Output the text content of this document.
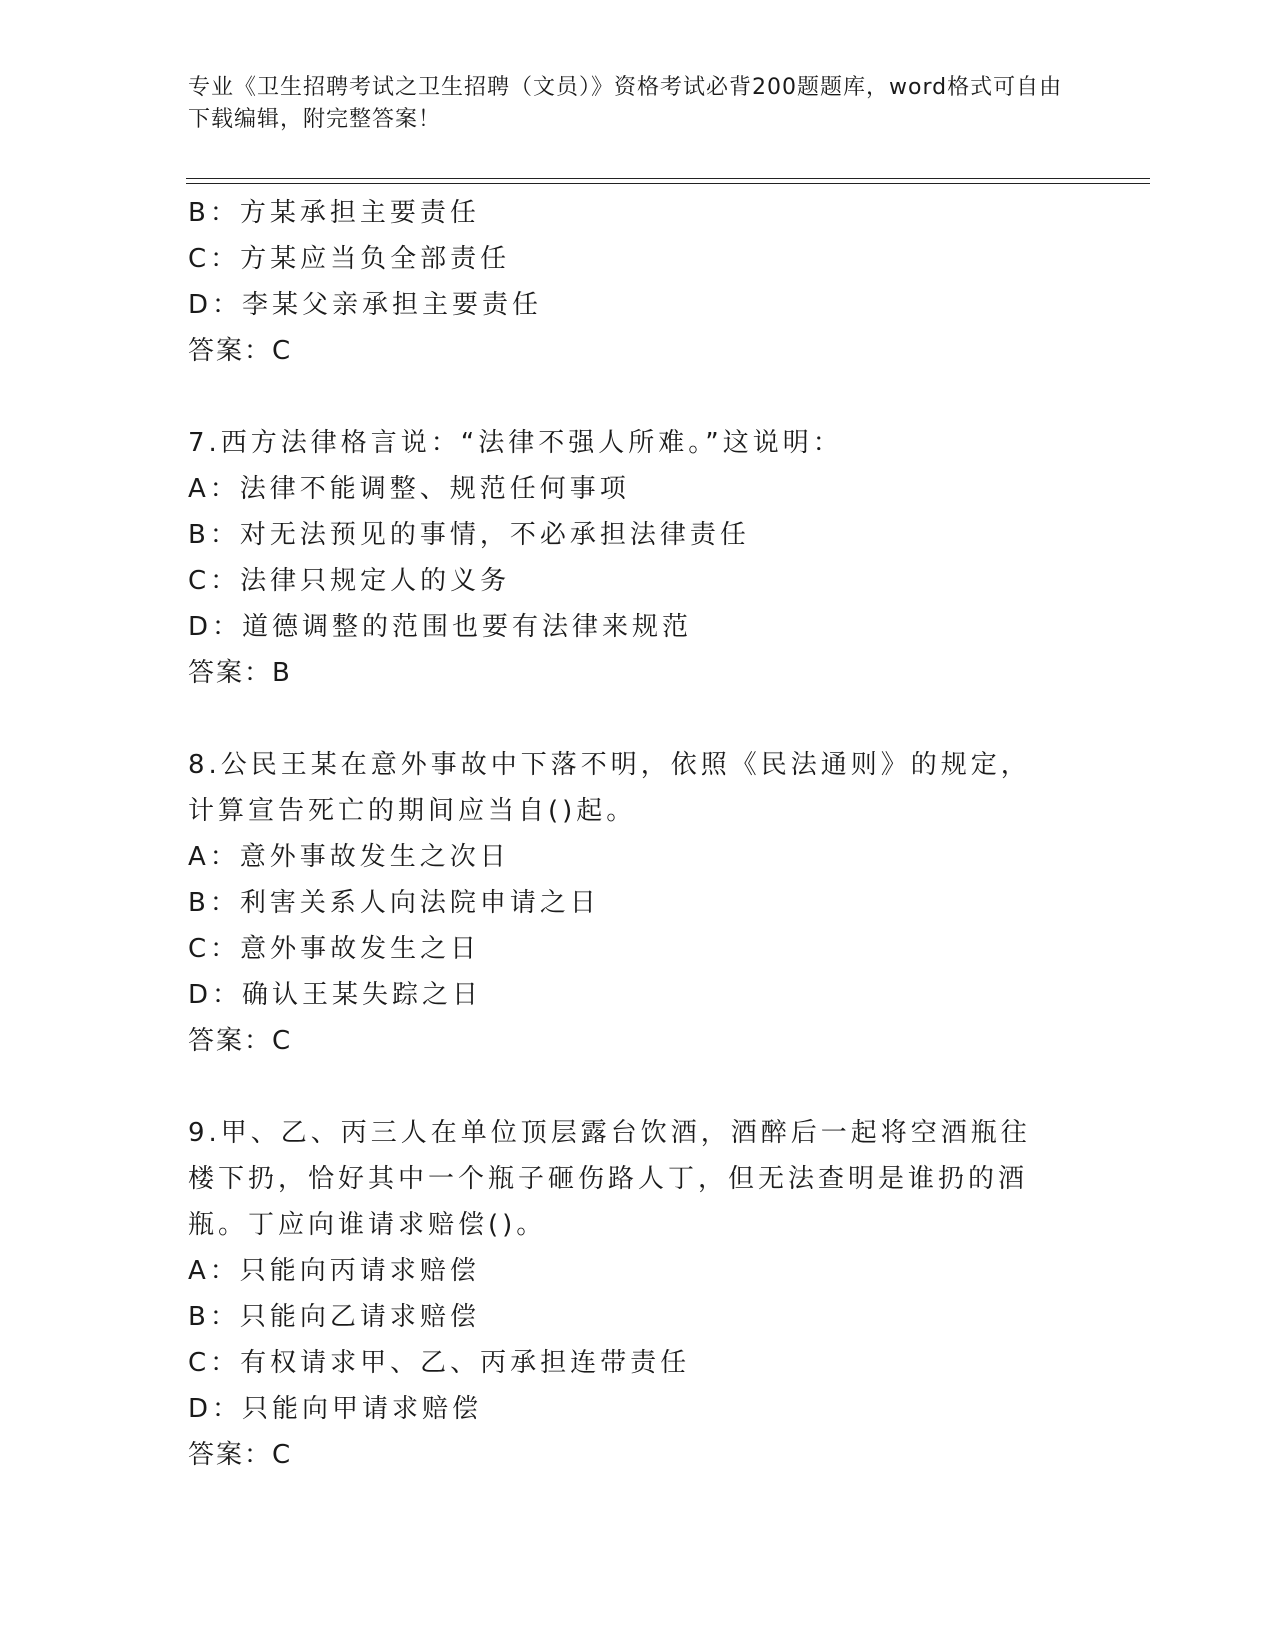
专业《卫生招聘考试之卫生招聘（文员）》资格考试必背200题题库，word格式可自由下载编辑，附完整答案！

B：方某承担主要责任

C：方某应当负全部责任

D：李某父亲承担主要责任

答案：C

7.西方法律格言说：“法律不强人所难。”这说明：

A：法律不能调整、规范任何事项

B：对无法预见的事情，不必承担法律责任

C：法律只规定人的义务

D：道德调整的范围也要有法律来规范

答案：B

8.公民王某在意外事故中下落不明，依照《民法通则》的规定，计算宣告死亡的期间应当自()起。

A：意外事故发生之次日

B：利害关系人向法院申请之日

C：意外事故发生之日

D：确认王某失踪之日

答案：C

9.甲、乙、丙三人在单位顶层露台饮酒，酒醉后一起将空酒瓶往楼下扔，恰好其中一个瓶子砸伤路人丁，但无法查明是谁扔的酒瓶。丁应向谁请求赔偿()。

A：只能向丙请求赔偿

B：只能向乙请求赔偿

C：有权请求甲、乙、丙承担连带责任

D：只能向甲请求赔偿

答案：C
